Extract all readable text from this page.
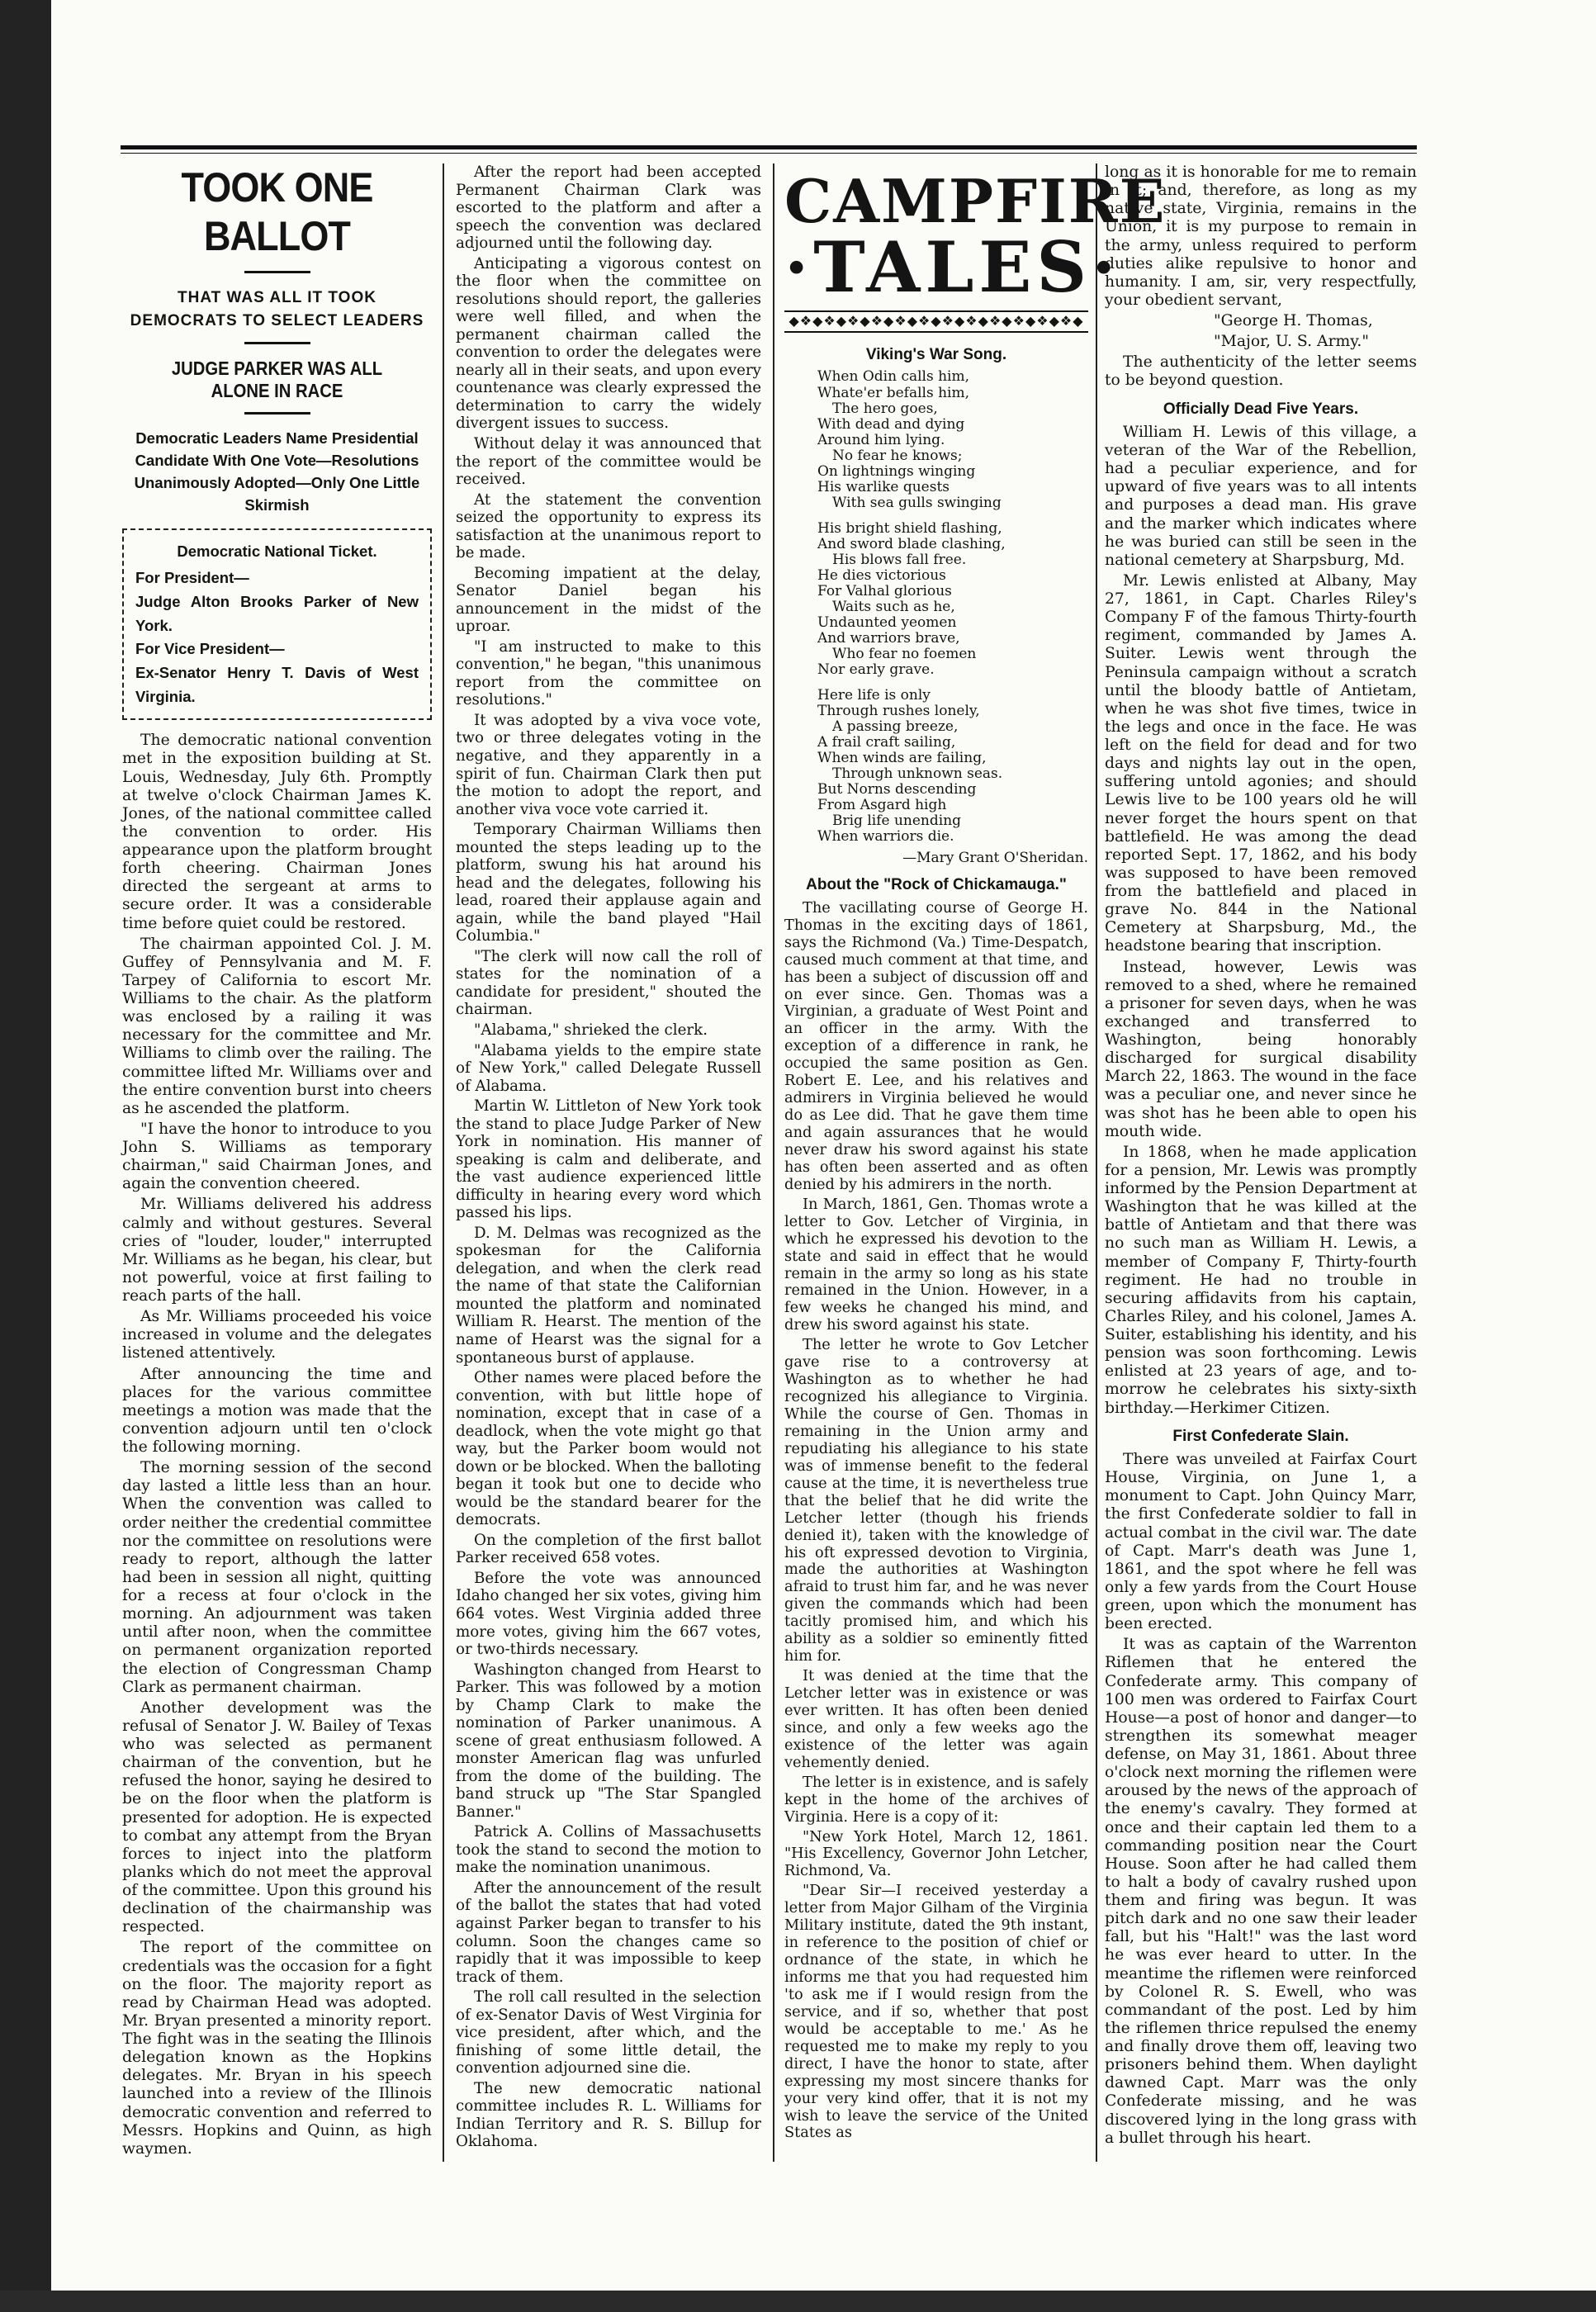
TOOK ONE BALLOT
THAT WAS ALL IT TOOK DEMOCRATS TO SELECT LEADERS
JUDGE PARKER WAS ALL ALONE IN RACE
Democratic Leaders Name Presidential Candidate With One Vote—Resolutions Unanimously Adopted—Only One Little Skirmish
Democratic National Ticket.
For President—
Judge Alton Brooks Parker of New York.
For Vice President—
Ex-Senator Henry T. Davis of West Virginia.

The democratic national convention met in the exposition building at St. Louis, Wednesday, July 6th. Promptly at twelve o'clock Chairman James K. Jones, of the national committee called the convention to order. His appearance upon the platform brought forth cheering. Chairman Jones directed the sergeant at arms to secure order. It was a considerable time before quiet could be restored.

The chairman appointed Col. J. M. Guffey of Pennsylvania and M. F. Tarpey of California to escort Mr. Williams to the chair. As the platform was enclosed by a railing it was necessary for the committee and Mr. Williams to climb over the railing. The committee lifted Mr. Williams over and the entire convention burst into cheers as he ascended the platform.

"I have the honor to introduce to you John S. Williams as temporary chairman," said Chairman Jones, and again the convention cheered.

Mr. Williams delivered his address calmly and without gestures. Several cries of "louder, louder," interrupted Mr. Williams as he began, his clear, but not powerful, voice at first failing to reach parts of the hall.

As Mr. Williams proceeded his voice increased in volume and the delegates listened attentively.

After announcing the time and places for the various committee meetings a motion was made that the convention adjourn until ten o'clock the following morning.

The morning session of the second day lasted a little less than an hour. When the convention was called to order neither the credential committee nor the committee on resolutions were ready to report, although the latter had been in session all night, quitting for a recess at four o'clock in the morning. An adjournment was taken until after noon, when the committee on permanent organization reported the election of Congressman Champ Clark as permanent chairman.

Another development was the refusal of Senator J. W. Bailey of Texas who was selected as permanent chairman of the convention, but he refused the honor, saying he desired to be on the floor when the platform is presented for adoption. He is expected to combat any attempt from the Bryan forces to inject into the platform planks which do not meet the approval of the committee. Upon this ground his declination of the chairmanship was respected.

The report of the committee on credentials was the occasion for a fight on the floor. The majority report as read by Chairman Head was adopted. Mr. Bryan presented a minority report. The fight was in the seating the Illinois delegation known as the Hopkins delegates. Mr. Bryan in his speech launched into a review of the Illinois democratic convention and referred to Messrs. Hopkins and Quinn, as high waymen.

After the report had been accepted Permanent Chairman Clark was escorted to the platform and after a speech the convention was declared adjourned until the following day.

Anticipating a vigorous contest on the floor when the committee on resolutions should report, the galleries were well filled, and when the permanent chairman called the convention to order the delegates were nearly all in their seats, and upon every countenance was clearly expressed the determination to carry the widely divergent issues to success.

Without delay it was announced that the report of the committee would be received.

At the statement the convention seized the opportunity to express its satisfaction at the unanimous report to be made.

Becoming impatient at the delay, Senator Daniel began his announcement in the midst of the uproar.

"I am instructed to make to this convention," he began, "this unanimous report from the committee on resolutions."

It was adopted by a viva voce vote, two or three delegates voting in the negative, and they apparently in a spirit of fun. Chairman Clark then put the motion to adopt the report, and another viva voce vote carried it.

Temporary Chairman Williams then mounted the steps leading up to the platform, swung his hat around his head and the delegates, following his lead, roared their applause again and again, while the band played "Hail Columbia."

"The clerk will now call the roll of states for the nomination of a candidate for president," shouted the chairman.

"Alabama," shrieked the clerk.

"Alabama yields to the empire state of New York," called Delegate Russell of Alabama.

Martin W. Littleton of New York took the stand to place Judge Parker of New York in nomination. His manner of speaking is calm and deliberate, and the vast audience experienced little difficulty in hearing every word which passed his lips.

D. M. Delmas was recognized as the spokesman for the California delegation, and when the clerk read the name of that state the Californian mounted the platform and nominated William R. Hearst. The mention of the name of Hearst was the signal for a spontaneous burst of applause.

Other names were placed before the convention, with but little hope of nomination, except that in case of a deadlock, when the vote might go that way, but the Parker boom would not down or be blocked. When the balloting began it took but one to decide who would be the standard bearer for the democrats.

On the completion of the first ballot Parker received 658 votes.

Before the vote was announced Idaho changed her six votes, giving him 664 votes. West Virginia added three more votes, giving him the 667 votes, or two-thirds necessary.

Washington changed from Hearst to Parker. This was followed by a motion by Champ Clark to make the nomination of Parker unanimous. A scene of great enthusiasm followed. A monster American flag was unfurled from the dome of the building. The band struck up "The Star Spangled Banner."

Patrick A. Collins of Massachusetts took the stand to second the motion to make the nomination unanimous.

After the announcement of the result of the ballot the states that had voted against Parker began to transfer to his column. Soon the changes came so rapidly that it was impossible to keep track of them.

The roll call resulted in the selection of ex-Senator Davis of West Virginia for vice president, after which, and the finishing of some little detail, the convention adjourned sine die.

The new democratic national committee includes R. L. Williams for Indian Territory and R. S. Billup for Oklahoma.

CAMPFIRE
·TALES·
◆❖◆❖◆❖◆❖◆❖◆❖◆❖◆❖◆❖◆❖◆❖◆❖◆
Viking's War Song.
When Odin calls him,
Whate'er befalls him,
The hero goes,
With dead and dying
Around him lying.
No fear he knows;
On lightnings winging
His warlike quests
With sea gulls swinging
His bright shield flashing,
And sword blade clashing,
His blows fall free.
He dies victorious
For Valhal glorious
Waits such as he,
Undaunted yeomen
And warriors brave,
Who fear no foemen
Nor early grave.
Here life is only
Through rushes lonely,
A passing breeze,
A frail craft sailing,
When winds are failing,
Through unknown seas.
But Norns descending
From Asgard high
Brig life unending
When warriors die.
—Mary Grant O'Sheridan.
About the "Rock of Chickamauga."

The vacillating course of George H. Thomas in the exciting days of 1861, says the Richmond (Va.) Time-Despatch, caused much comment at that time, and has been a subject of discussion off and on ever since. Gen. Thomas was a Virginian, a graduate of West Point and an officer in the army. With the exception of a difference in rank, he occupied the same position as Gen. Robert E. Lee, and his relatives and admirers in Virginia believed he would do as Lee did. That he gave them time and again assurances that he would never draw his sword against his state has often been asserted and as often denied by his admirers in the north.

In March, 1861, Gen. Thomas wrote a letter to Gov. Letcher of Virginia, in which he expressed his devotion to the state and said in effect that he would remain in the army so long as his state remained in the Union. However, in a few weeks he changed his mind, and drew his sword against his state.

The letter he wrote to Gov Letcher gave rise to a controversy at Washington as to whether he had recognized his allegiance to Virginia. While the course of Gen. Thomas in remaining in the Union army and repudiating his allegiance to his state was of immense benefit to the federal cause at the time, it is nevertheless true that the belief that he did write the Letcher letter (though his friends denied it), taken with the knowledge of his oft expressed devotion to Virginia, made the authorities at Washington afraid to trust him far, and he was never given the commands which had been tacitly promised him, and which his ability as a soldier so eminently fitted him for.

It was denied at the time that the Letcher letter was in existence or was ever written. It has often been denied since, and only a few weeks ago the existence of the letter was again vehemently denied.

The letter is in existence, and is safely kept in the home of the archives of Virginia. Here is a copy of it:

"New York Hotel, March 12, 1861. "His Excellency, Governor John Letcher, Richmond, Va.

"Dear Sir—I received yesterday a letter from Major Gilham of the Virginia Military institute, dated the 9th instant, in reference to the position of chief or ordnance of the state, in which he informs me that you had requested him 'to ask me if I would resign from the service, and if so, whether that post would be acceptable to me.' As he requested me to make my reply to you direct, I have the honor to state, after expressing my most sincere thanks for your very kind offer, that it is not my wish to leave the service of the United States as

long as it is honorable for me to remain in it; and, therefore, as long as my native state, Virginia, remains in the Union, it is my purpose to remain in the army, unless required to perform duties alike repulsive to honor and humanity. I am, sir, very respectfully, your obedient servant,

"George H. Thomas,

"Major, U. S. Army."

The authenticity of the letter seems to be beyond question.

Officially Dead Five Years.

William H. Lewis of this village, a veteran of the War of the Rebellion, had a peculiar experience, and for upward of five years was to all intents and purposes a dead man. His grave and the marker which indicates where he was buried can still be seen in the national cemetery at Sharpsburg, Md.

Mr. Lewis enlisted at Albany, May 27, 1861, in Capt. Charles Riley's Company F of the famous Thirty-fourth regiment, commanded by James A. Suiter. Lewis went through the Peninsula campaign without a scratch until the bloody battle of Antietam, when he was shot five times, twice in the legs and once in the face. He was left on the field for dead and for two days and nights lay out in the open, suffering untold agonies; and should Lewis live to be 100 years old he will never forget the hours spent on that battlefield. He was among the dead reported Sept. 17, 1862, and his body was supposed to have been removed from the battlefield and placed in grave No. 844 in the National Cemetery at Sharpsburg, Md., the headstone bearing that inscription.

Instead, however, Lewis was removed to a shed, where he remained a prisoner for seven days, when he was exchanged and transferred to Washington, being honorably discharged for surgical disability March 22, 1863. The wound in the face was a peculiar one, and never since he was shot has he been able to open his mouth wide.

In 1868, when he made application for a pension, Mr. Lewis was promptly informed by the Pension Department at Washington that he was killed at the battle of Antietam and that there was no such man as William H. Lewis, a member of Company F, Thirty-fourth regiment. He had no trouble in securing affidavits from his captain, Charles Riley, and his colonel, James A. Suiter, establishing his identity, and his pension was soon forthcoming. Lewis enlisted at 23 years of age, and to-morrow he celebrates his sixty-sixth birthday.—Herkimer Citizen.

First Confederate Slain.

There was unveiled at Fairfax Court House, Virginia, on June 1, a monument to Capt. John Quincy Marr, the first Confederate soldier to fall in actual combat in the civil war. The date of Capt. Marr's death was June 1, 1861, and the spot where he fell was only a few yards from the Court House green, upon which the monument has been erected.

It was as captain of the Warrenton Riflemen that he entered the Confederate army. This company of 100 men was ordered to Fairfax Court House—a post of honor and danger—to strengthen its somewhat meager defense, on May 31, 1861. About three o'clock next morning the riflemen were aroused by the news of the approach of the enemy's cavalry. They formed at once and their captain led them to a commanding position near the Court House. Soon after he had called them to halt a body of cavalry rushed upon them and firing was begun. It was pitch dark and no one saw their leader fall, but his "Halt!" was the last word he was ever heard to utter. In the meantime the riflemen were reinforced by Colonel R. S. Ewell, who was commandant of the post. Led by him the riflemen thrice repulsed the enemy and finally drove them off, leaving two prisoners behind them. When daylight dawned Capt. Marr was the only Confederate missing, and he was discovered lying in the long grass with a bullet through his heart.
